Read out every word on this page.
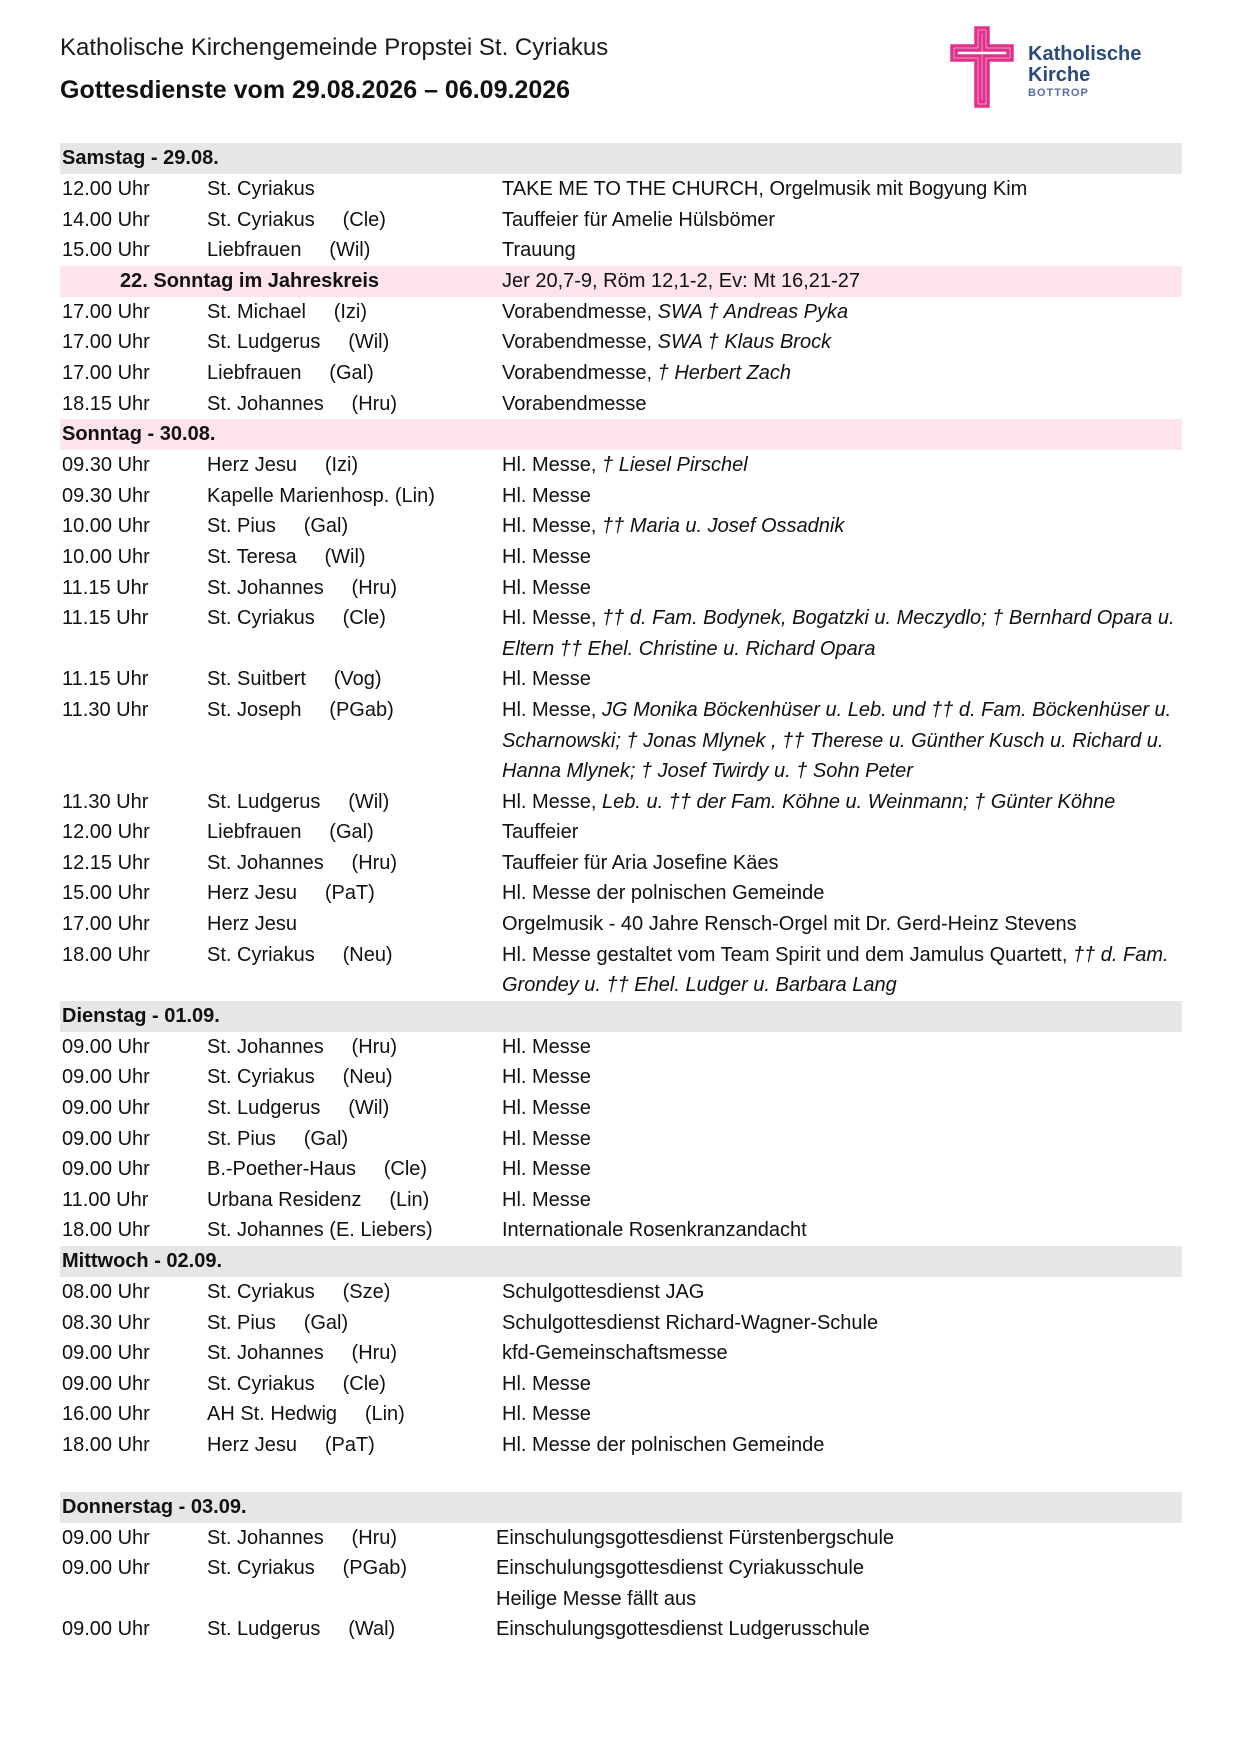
Katholische Kirchengemeinde Propstei St. Cyriakus
Gottesdienste vom 29.08.2026 – 06.09.2026
Katholische
Kirche
BOTTROP
Samstag - 29.08.
12.00 Uhr	St. Cyriakus	TAKE ME TO THE CHURCH, Orgelmusik mit Bogyung Kim
14.00 Uhr	St. Cyriakus     (Cle)	Tauffeier für Amelie Hülsbömer
15.00 Uhr	Liebfrauen     (Wil)	Trauung
22. Sonntag im Jahreskreis	Jer 20,7-9, Röm 12,1-2, Ev: Mt 16,21-27
17.00 Uhr	St. Michael     (Izi)	Vorabendmesse, SWA † Andreas Pyka
17.00 Uhr	St. Ludgerus     (Wil)	Vorabendmesse, SWA † Klaus Brock
17.00 Uhr	Liebfrauen     (Gal)	Vorabendmesse, † Herbert Zach
18.15 Uhr	St. Johannes     (Hru)	Vorabendmesse
Sonntag - 30.08.
09.30 Uhr	Herz Jesu     (Izi)	Hl. Messe, † Liesel Pirschel
09.30 Uhr	Kapelle Marienhosp. (Lin)	Hl. Messe
10.00 Uhr	St. Pius     (Gal)	Hl. Messe, †† Maria u. Josef Ossadnik
10.00 Uhr	St. Teresa     (Wil)	Hl. Messe
11.15 Uhr	St. Johannes     (Hru)	Hl. Messe
11.15 Uhr	St. Cyriakus     (Cle)	Hl. Messe, †† d. Fam. Bodynek, Bogatzki u. Meczydlo; † Bernhard Opara u. Eltern †† Ehel. Christine u. Richard Opara
11.15 Uhr	St. Suitbert     (Vog)	Hl. Messe
11.30 Uhr	St. Joseph     (PGab)	Hl. Messe, JG Monika Böckenhüser u. Leb. und †† d. Fam. Böckenhüser u. Scharnowski; † Jonas Mlynek , †† Therese u. Günther Kusch u. Richard u. Hanna Mlynek; † Josef Twirdy u. † Sohn Peter
11.30 Uhr	St. Ludgerus     (Wil)	Hl. Messe, Leb. u. †† der Fam. Köhne u. Weinmann; † Günter Köhne
12.00 Uhr	Liebfrauen     (Gal)	Tauffeier
12.15 Uhr	St. Johannes     (Hru)	Tauffeier für Aria Josefine Käes
15.00 Uhr	Herz Jesu     (PaT)	Hl. Messe der polnischen Gemeinde
17.00 Uhr	Herz Jesu	Orgelmusik - 40 Jahre Rensch-Orgel mit Dr. Gerd-Heinz Stevens
18.00 Uhr	St. Cyriakus     (Neu)	Hl. Messe gestaltet vom Team Spirit und dem Jamulus Quartett, †† d. Fam. Grondey u. †† Ehel. Ludger u. Barbara Lang
Dienstag - 01.09.
09.00 Uhr	St. Johannes     (Hru)	Hl. Messe
09.00 Uhr	St. Cyriakus     (Neu)	Hl. Messe
09.00 Uhr	St. Ludgerus     (Wil)	Hl. Messe
09.00 Uhr	St. Pius     (Gal)	Hl. Messe
09.00 Uhr	B.-Poether-Haus     (Cle)	Hl. Messe
11.00 Uhr	Urbana Residenz     (Lin)	Hl. Messe
18.00 Uhr	St. Johannes (E. Liebers)	Internationale Rosenkranzandacht
Mittwoch - 02.09.
08.00 Uhr	St. Cyriakus     (Sze)	Schulgottesdienst JAG
08.30 Uhr	St. Pius     (Gal)	Schulgottesdienst Richard-Wagner-Schule
09.00 Uhr	St. Johannes     (Hru)	kfd-Gemeinschaftsmesse
09.00 Uhr	St. Cyriakus     (Cle)	Hl. Messe
16.00 Uhr	AH St. Hedwig     (Lin)	Hl. Messe
18.00 Uhr	Herz Jesu     (PaT)	Hl. Messe der polnischen Gemeinde
Donnerstag - 03.09.
09.00 Uhr	St. Johannes     (Hru)	Einschulungsgottesdienst Fürstenbergschule
09.00 Uhr	St. Cyriakus     (PGab)	Einschulungsgottesdienst Cyriakusschule
Heilige Messe fällt aus
09.00 Uhr	St. Ludgerus     (Wal)	Einschulungsgottesdienst Ludgerusschule
